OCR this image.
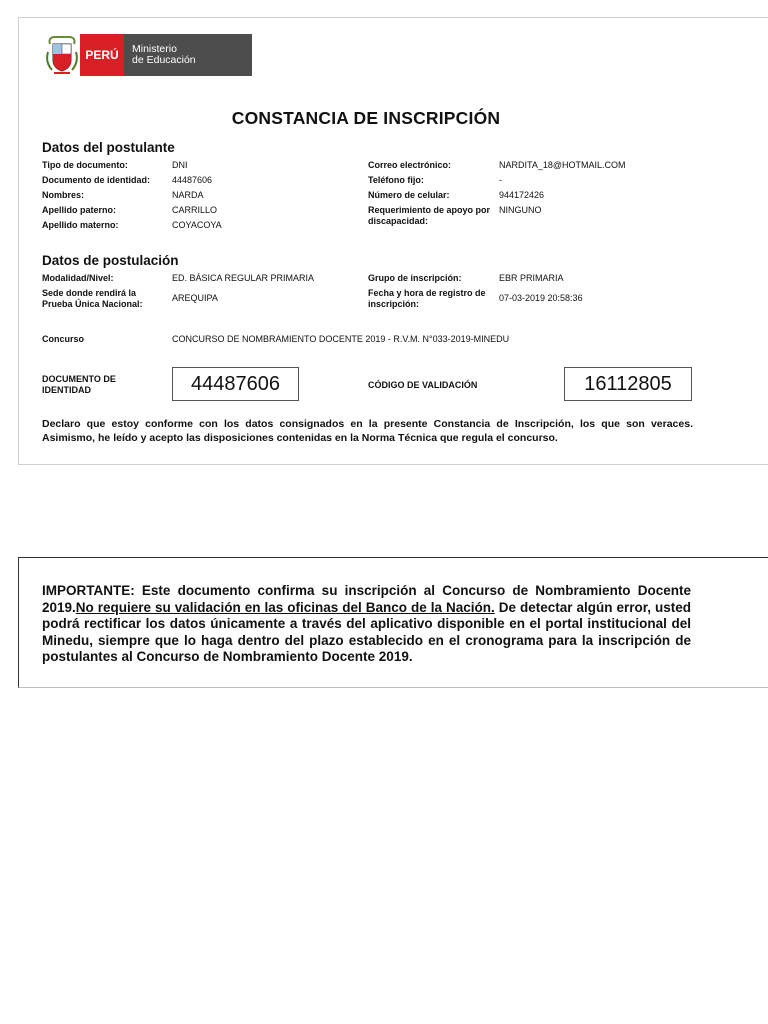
PERÚ	Ministerio
de Educación
CONSTANCIA DE INSCRIPCIÓN
Datos del postulante
Tipo de documento:	DNI
Documento de identidad: 44487606
Nombres:	NARDA
Apellido paterno:	CARRILLO
Apellido materno:	COYACOYA
Correo electrónico:	NARDITA_18@HOTMAIL.COM
Teléfono fijo:	-
Número de celular:	944172426
Requerimiento de apoyo por discapacidad:
NINGUNO
Datos de postulación
Modalidad/Nivel:	ED. BÁSICA REGULAR PRIMARIA
Sede donde rendirá la Prueba Única Nacional:
AREQUIPA
Grupo de inscripción:	EBR PRIMARIA
Fecha y hora de registro de inscripción:
07-03-2019 20:58:36
Concurso	CONCURSO DE NOMBRAMIENTO DOCENTE 2019 - R.V.M. N°033-2019-MINEDU
DOCUMENTO DE IDENTIDAD	44487606	CÓDIGO DE VALIDACIÓN	16112805
Declaro que estoy conforme con los datos consignados en la presente Constancia de Inscripción, los que son veraces. Asimismo, he leído y acepto las disposiciones contenidas en la Norma Técnica que regula el concurso.
IMPORTANTE: Este documento confirma su inscripción al Concurso de Nombramiento Docente 2019.No requiere su validación en las oficinas del Banco de la Nación. De detectar algún error, usted podrá rectificar los datos únicamente a través del aplicativo disponible en el portal institucional del Minedu, siempre que lo haga dentro del plazo establecido en el cronograma para la inscripción de postulantes al Concurso de Nombramiento Docente 2019.
